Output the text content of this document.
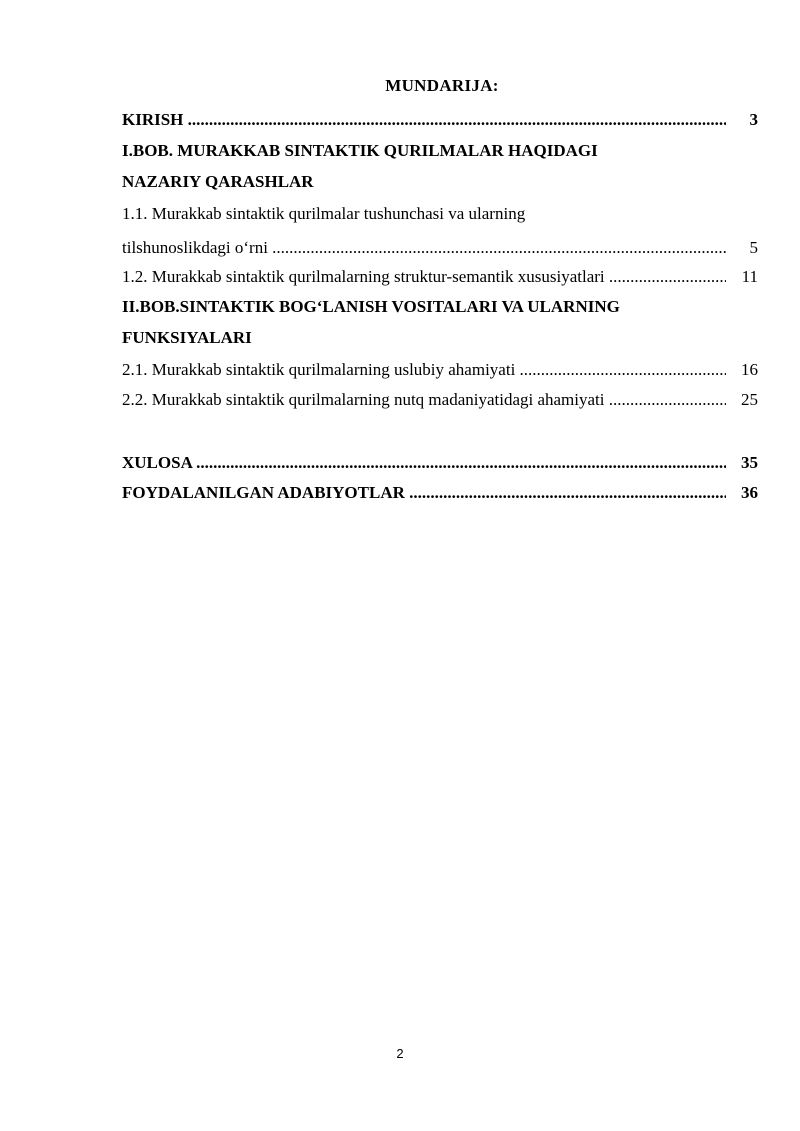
MUNDARIJA:
KIRISH .....	3
I.BOB. MURAKKAB SINTAKTIK QURILMALAR HAQIDAGI
NAZARIY QARASHLAR
1.1. Murakkab sintaktik qurilmalar tushunchasi va ularning
tilshunoslikdagi o‘rni .....	5
1.2. Murakkab sintaktik qurilmalarning struktur-semantik xususiyatlari .....	11
II.BOB.SINTAKTIK BOG‘LANISH VOSITALARI VA ULARNING
FUNKSIYALARI
2.1. Murakkab sintaktik qurilmalarning uslubiy ahamiyati .....	16
2.2. Murakkab sintaktik qurilmalarning nutq madaniyatidagi ahamiyati .....	25
XULOSA .....	35
FOYDALANILGAN ADABIYOTLAR .....	36
2
